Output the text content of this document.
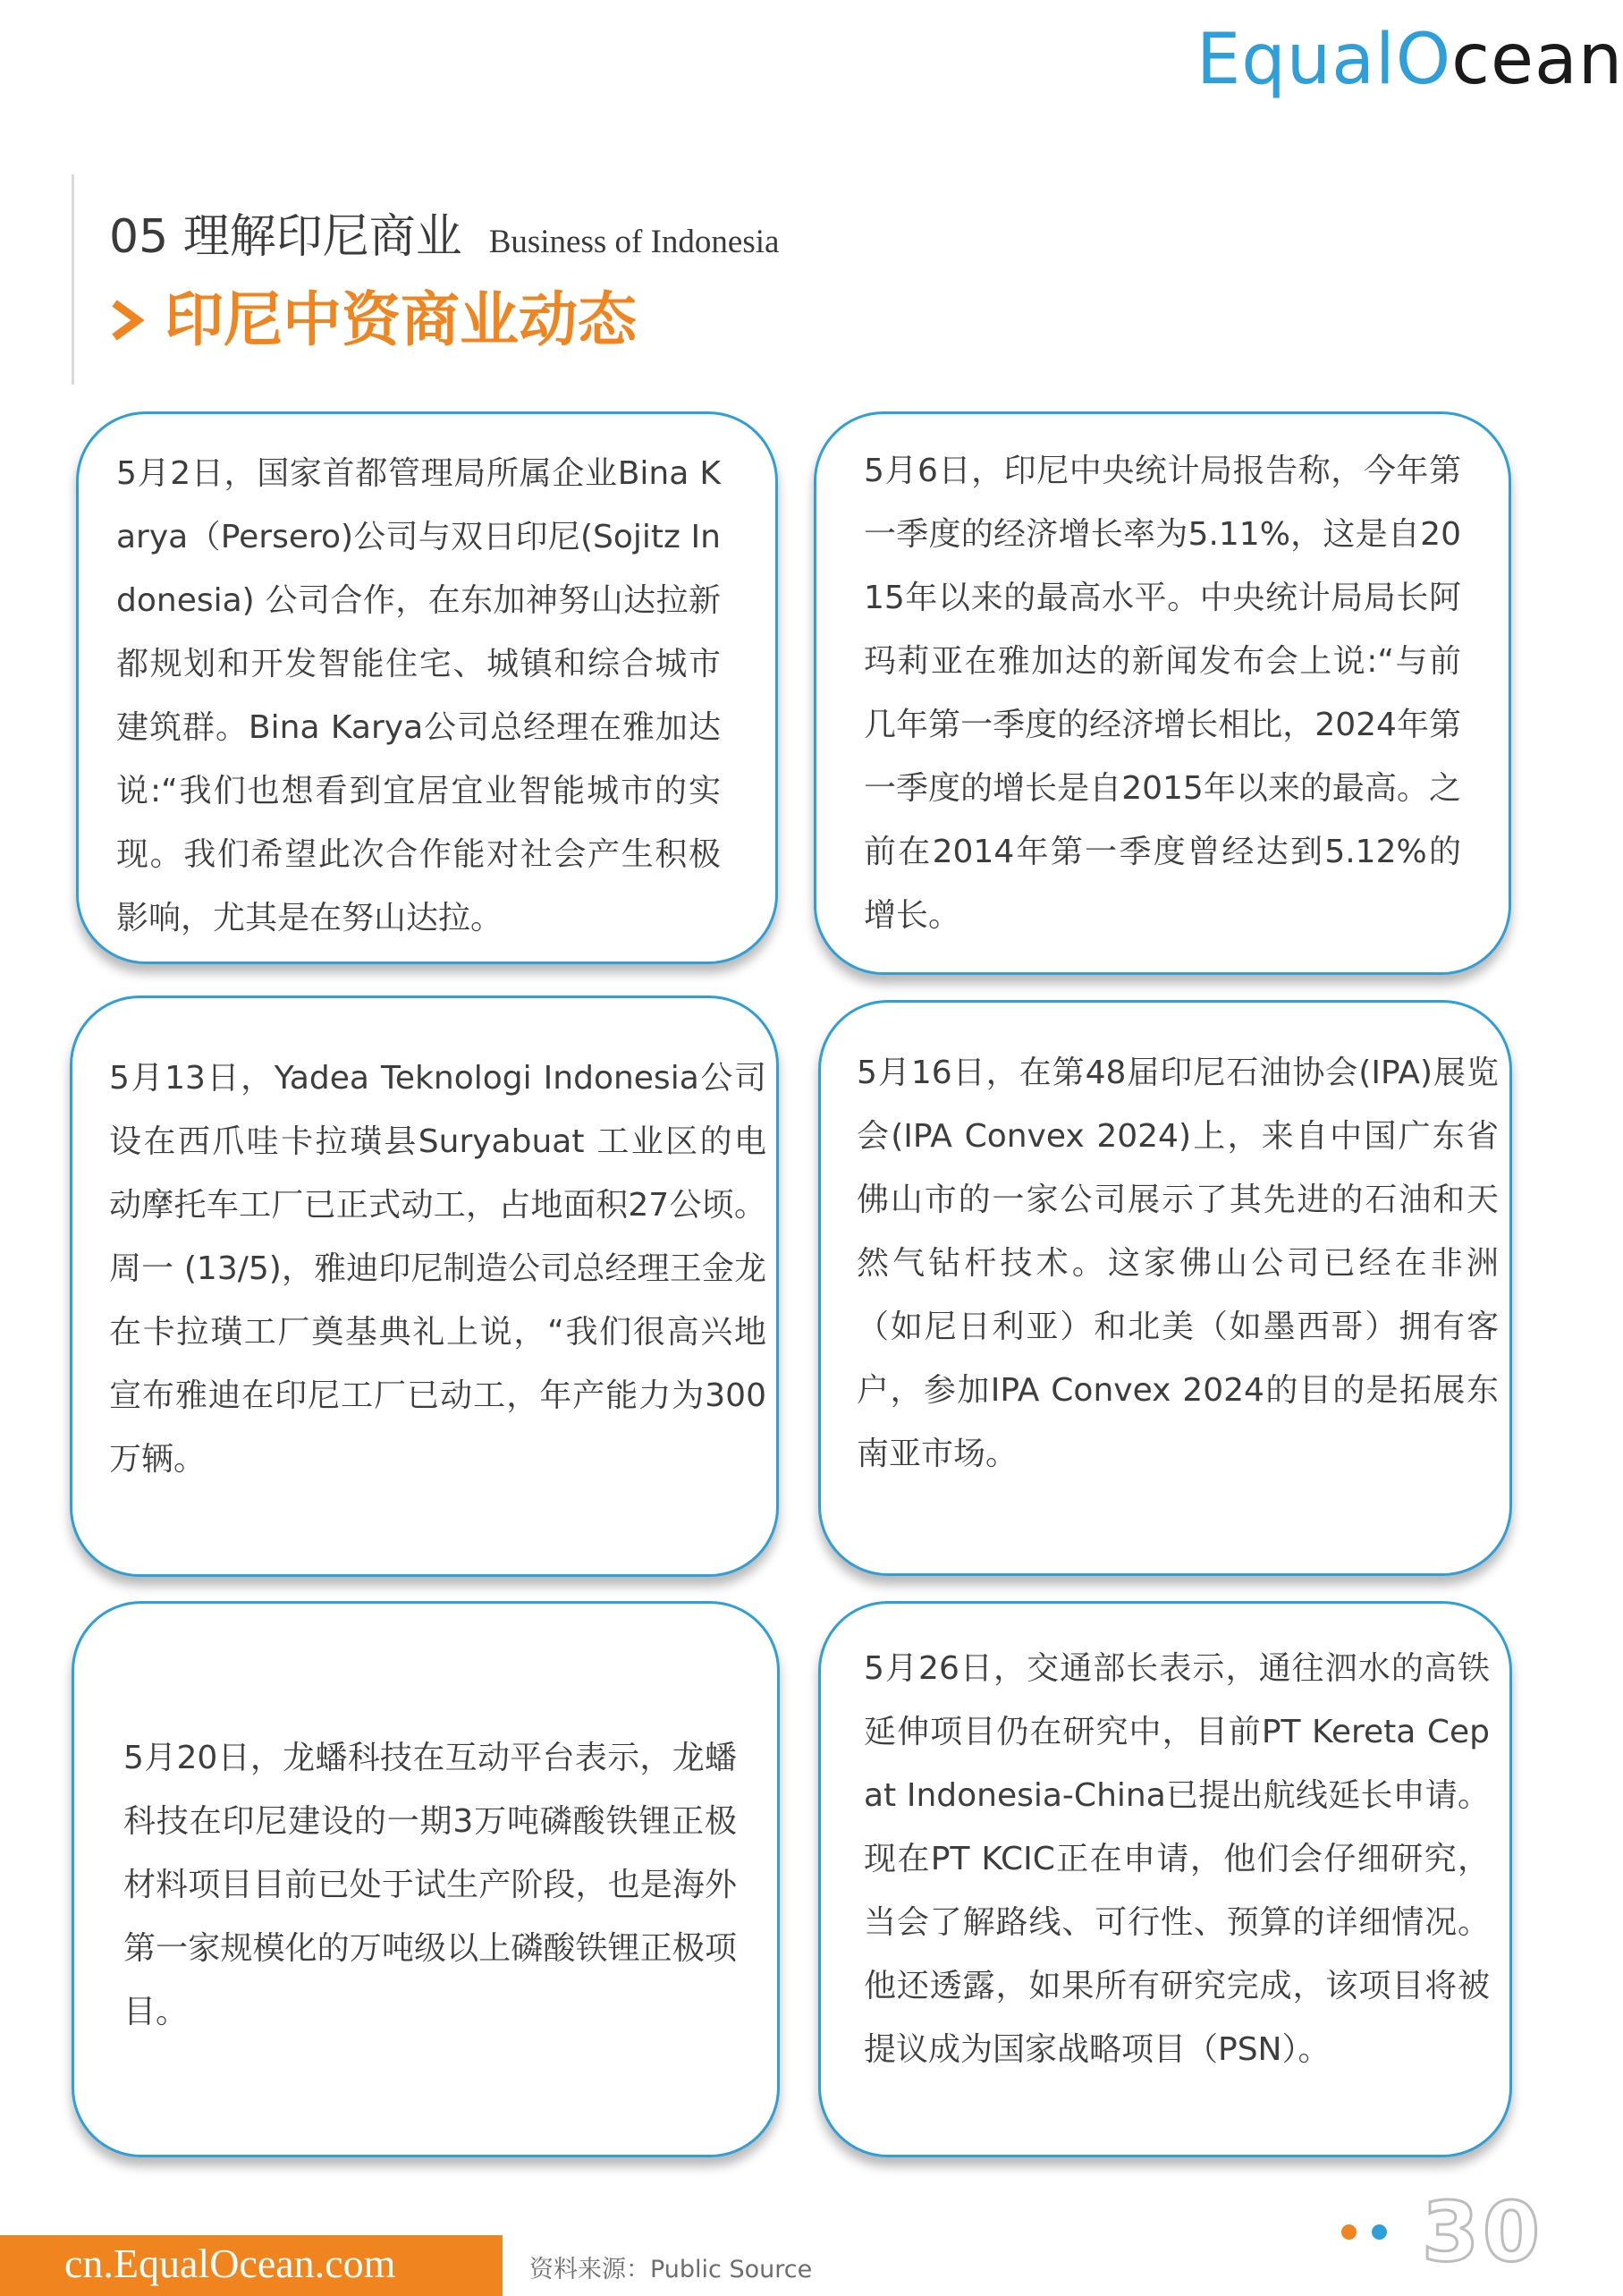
EqualOcean
05 理解印尼商业 Business of Indonesia
印尼中资商业动态

5月2日，国家首都管理局所属企业Bina Karya（Persero)公司与双日印尼(Sojitz Indonesia) 公司合作，在东加神努山达拉新都规划和开发智能住宅、城镇和综合城市建筑群。Bina Karya公司总经理在雅加达说:“我们也想看到宜居宜业智能城市的实现。我们希望此次合作能对社会产生积极影响，尤其是在努山达拉。

5月6日，印尼中央统计局报告称，今年第一季度的经济增长率为5.11%，这是自2015年以来的最高水平。中央统计局局长阿玛莉亚在雅加达的新闻发布会上说:“与前几年第一季度的经济增长相比，2024年第一季度的增长是自2015年以来的最高。之前在2014年第一季度曾经达到5.12%的增长。

5月13日，Yadea Teknologi Indonesia公司设在西爪哇卡拉璜县Suryabuat 工业区的电动摩托车工厂已正式动工，占地面积27公顷。周一 (13/5)，雅迪印尼制造公司总经理王金龙在卡拉璜工厂奠基典礼上说，“我们很高兴地宣布雅迪在印尼工厂已动工，年产能力为300万辆。

5月16日，在第48届印尼石油协会(IPA)展览会(IPA Convex 2024)上，来自中国广东省佛山市的一家公司展示了其先进的石油和天然气钻杆技术。这家佛山公司已经在非洲（如尼日利亚）和北美（如墨西哥）拥有客户，参加IPA Convex 2024的目的是拓展东南亚市场。

5月20日，龙蟠科技在互动平台表示，龙蟠科技在印尼建设的一期3万吨磷酸铁锂正极材料项目目前已处于试生产阶段，也是海外第一家规模化的万吨级以上磷酸铁锂正极项目。

5月26日，交通部长表示，通往泗水的高铁延伸项目仍在研究中，目前PT Kereta Cepat Indonesia-China已提出航线延长申请。现在PT KCIC正在申请，他们会仔细研究，当会了解路线、可行性、预算的详细情况。他还透露，如果所有研究完成，该项目将被提议成为国家战略项目（PSN）。

cn.EqualOcean.com	资料来源：Public Source	30
